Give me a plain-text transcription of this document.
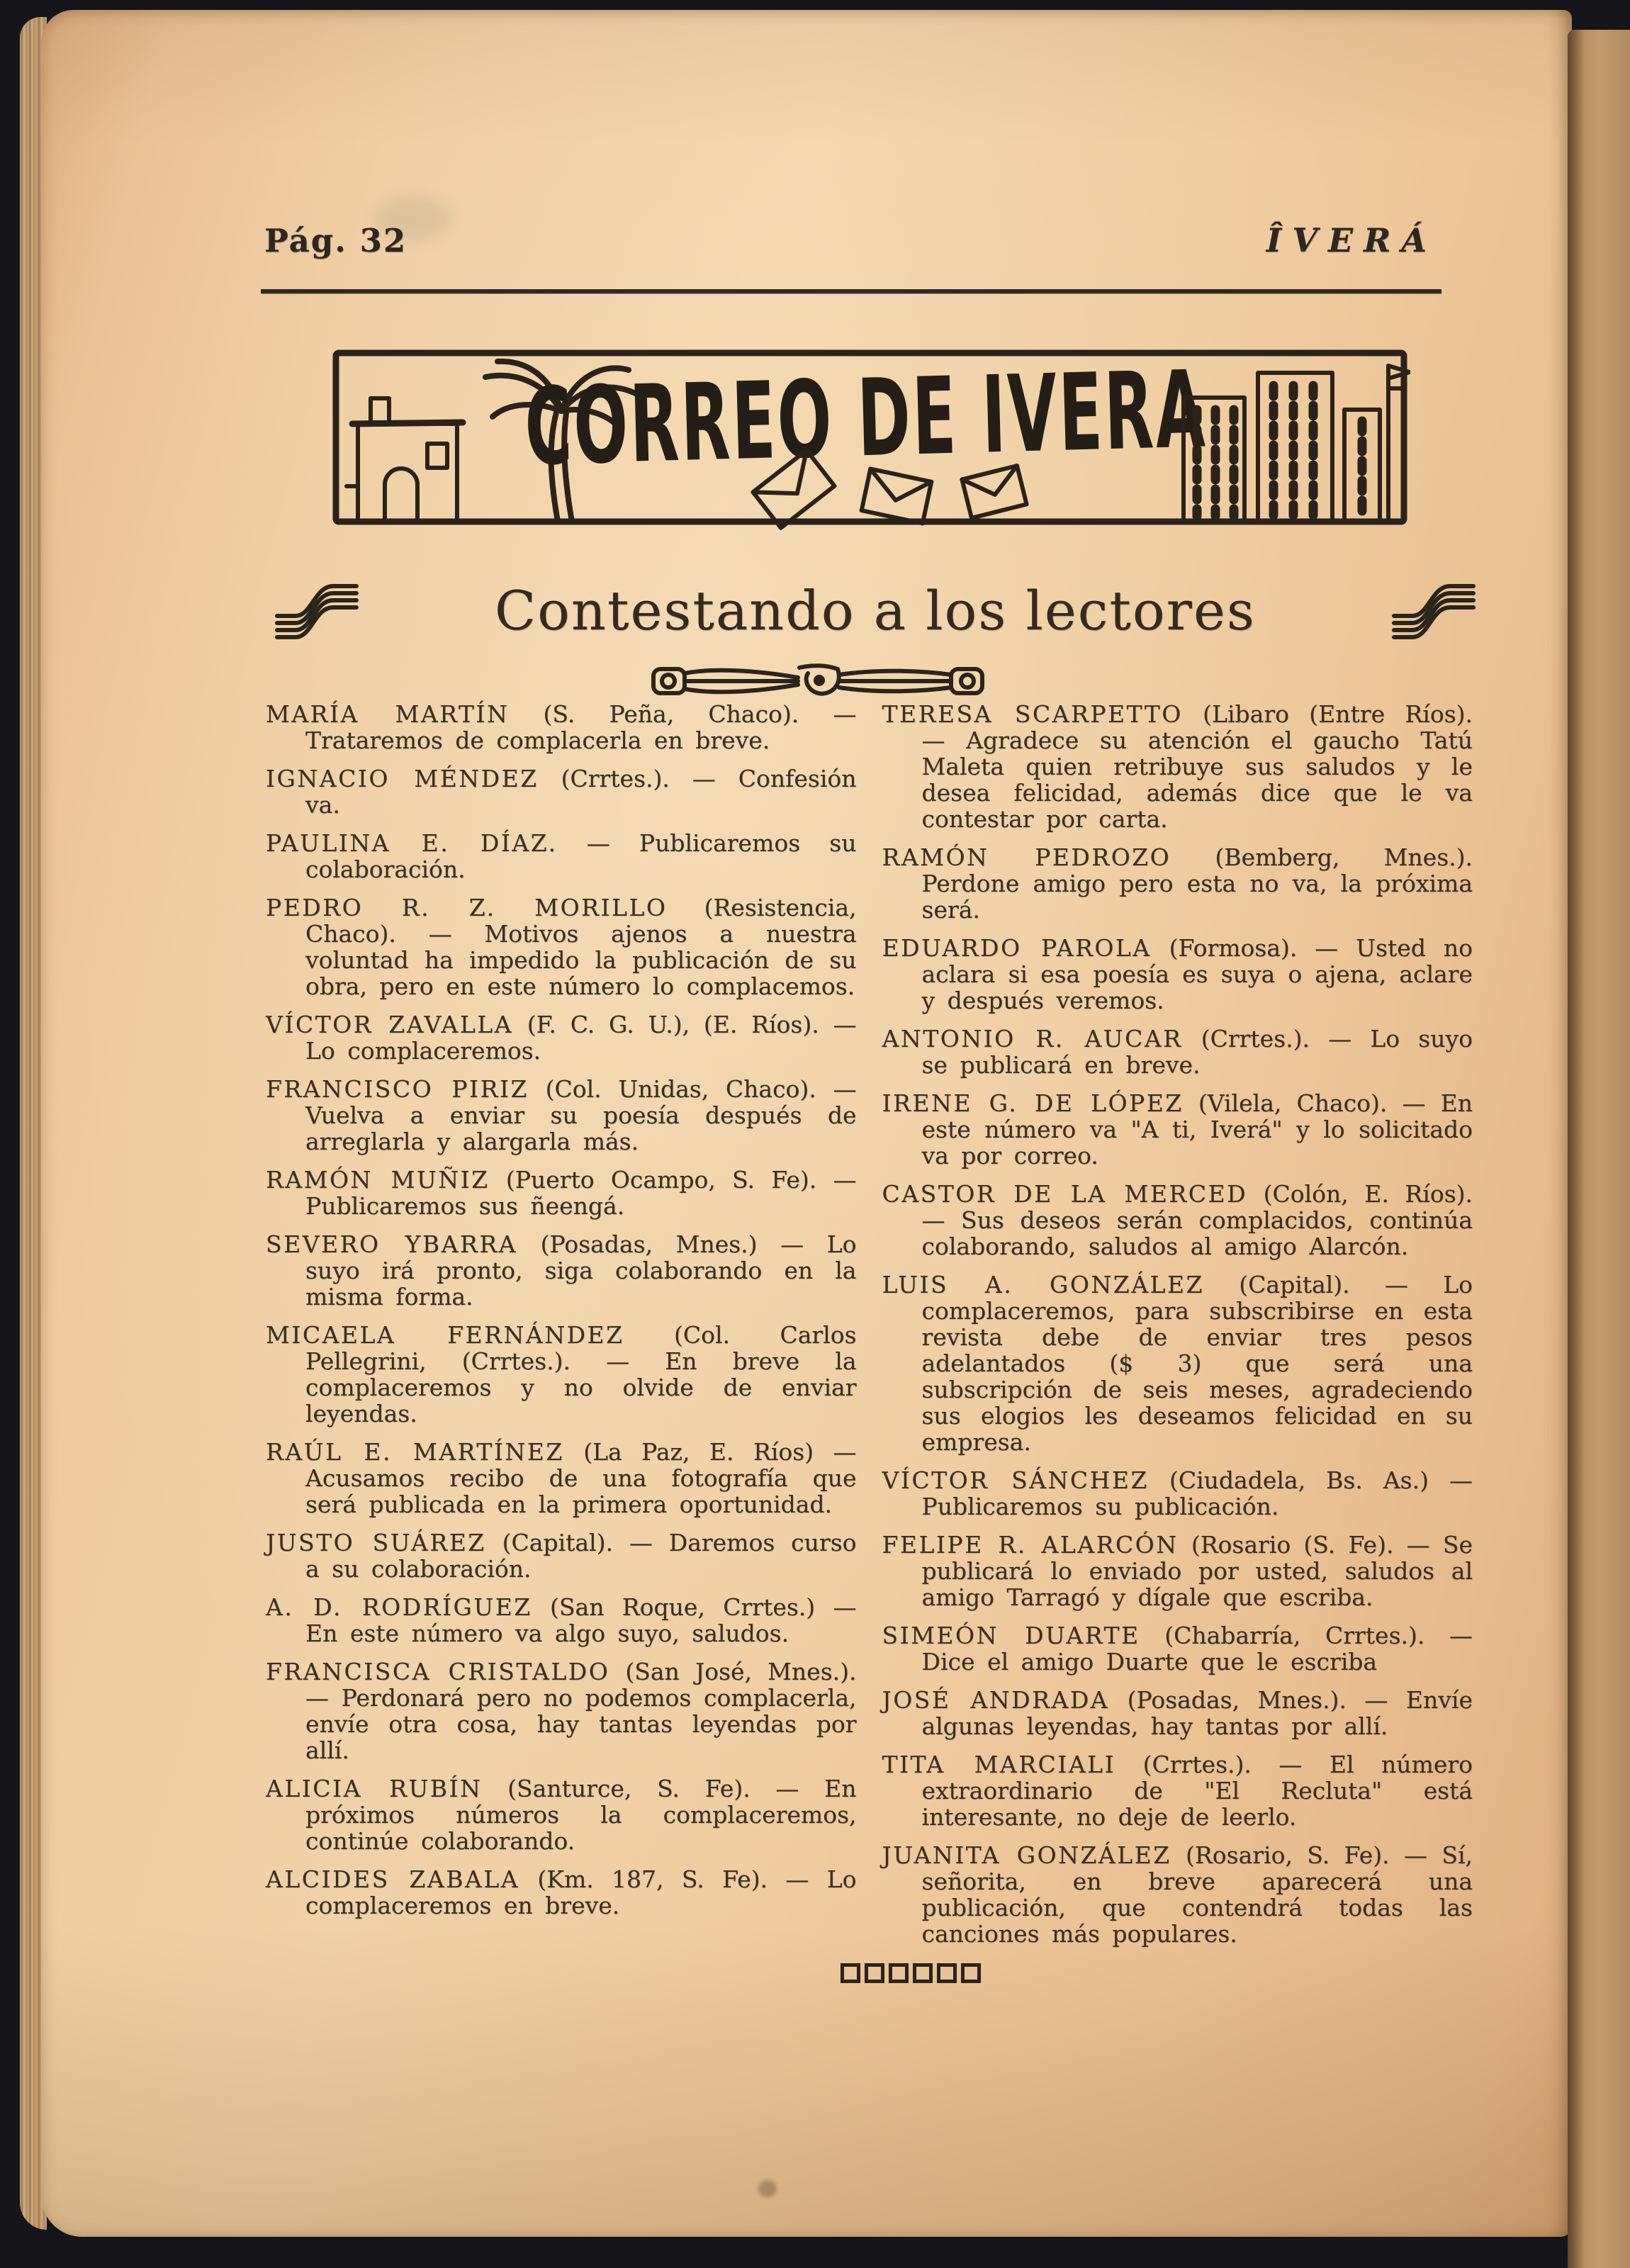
Pág. 32	ÎVERÁ
CORREO DE IVERA
Contestando a los lectores

MARÍA MARTÍN (S. Peña, Chaco). — Trataremos de complacerla en breve.

IGNACIO MÉNDEZ (Crrtes.). — Confesión va.

PAULINA E. DÍAZ. — Publicaremos su colaboración.

PEDRO R. Z. MORILLO (Resistencia, Chaco). — Motivos ajenos a nuestra voluntad ha impedido la publicación de su obra, pero en este número lo complacemos.

VÍCTOR ZAVALLA (F. C. G. U.), (E. Ríos). — Lo complaceremos.

FRANCISCO PIRIZ (Col. Unidas, Chaco). — Vuelva a enviar su poesía después de arreglarla y alargarla más.

RAMÓN MUÑIZ (Puerto Ocampo, S. Fe). — Publicaremos sus ñeengá.

SEVERO YBARRA (Posadas, Mnes.) — Lo suyo irá pronto, siga colaborando en la misma forma.

MICAELA FERNÁNDEZ (Col. Carlos Pellegrini, (Crrtes.). — En breve la complaceremos y no olvide de enviar leyendas.

RAÚL E. MARTÍNEZ (La Paz, E. Ríos) — Acusamos recibo de una fotografía que será publicada en la primera oportunidad.

JUSTO SUÁREZ (Capital). — Daremos curso a su colaboración.

A. D. RODRÍGUEZ (San Roque, Crrtes.) — En este número va algo suyo, saludos.

FRANCISCA CRISTALDO (San José, Mnes.). — Perdonará pero no podemos complacerla, envíe otra cosa, hay tantas leyendas por allí.

ALICIA RUBÍN (Santurce, S. Fe). — En próximos números la complaceremos, continúe colaborando.

ALCIDES ZABALA (Km. 187, S. Fe). — Lo complaceremos en breve.

TERESA SCARPETTO (Libaro (Entre Ríos). — Agradece su atención el gaucho Tatú Maleta quien retribuye sus saludos y le desea felicidad, además dice que le va contestar por carta.

RAMÓN PEDROZO (Bemberg, Mnes.). Perdone amigo pero esta no va, la próxima será.

EDUARDO PAROLA (Formosa). — Usted no aclara si esa poesía es suya o ajena, aclare y después veremos.

ANTONIO R. AUCAR (Crrtes.). — Lo suyo se publicará en breve.

IRENE G. DE LÓPEZ (Vilela, Chaco). — En este número va "A ti, Iverá" y lo solicitado va por correo.

CASTOR DE LA MERCED (Colón, E. Ríos). — Sus deseos serán complacidos, continúa colaborando, saludos al amigo Alarcón.

LUIS A. GONZÁLEZ (Capital). — Lo complaceremos, para subscribirse en esta revista debe de enviar tres pesos adelantados ($ 3) que será una subscripción de seis meses, agradeciendo sus elogios les deseamos felicidad en su empresa.

VÍCTOR SÁNCHEZ (Ciudadela, Bs. As.) — Publicaremos su publicación.

FELIPE R. ALARCÓN (Rosario (S. Fe). — Se publicará lo enviado por usted, saludos al amigo Tarragó y dígale que escriba.

SIMEÓN DUARTE (Chabarría, Crrtes.). — Dice el amigo Duarte que le escriba

JOSÉ ANDRADA (Posadas, Mnes.). — Envíe algunas leyendas, hay tantas por allí.

TITA MARCIALI (Crrtes.). — El número extraordinario de "El Recluta" está interesante, no deje de leerlo.

JUANITA GONZÁLEZ (Rosario, S. Fe). — Sí, señorita, en breve aparecerá una publicación, que contendrá todas las canciones más populares.
